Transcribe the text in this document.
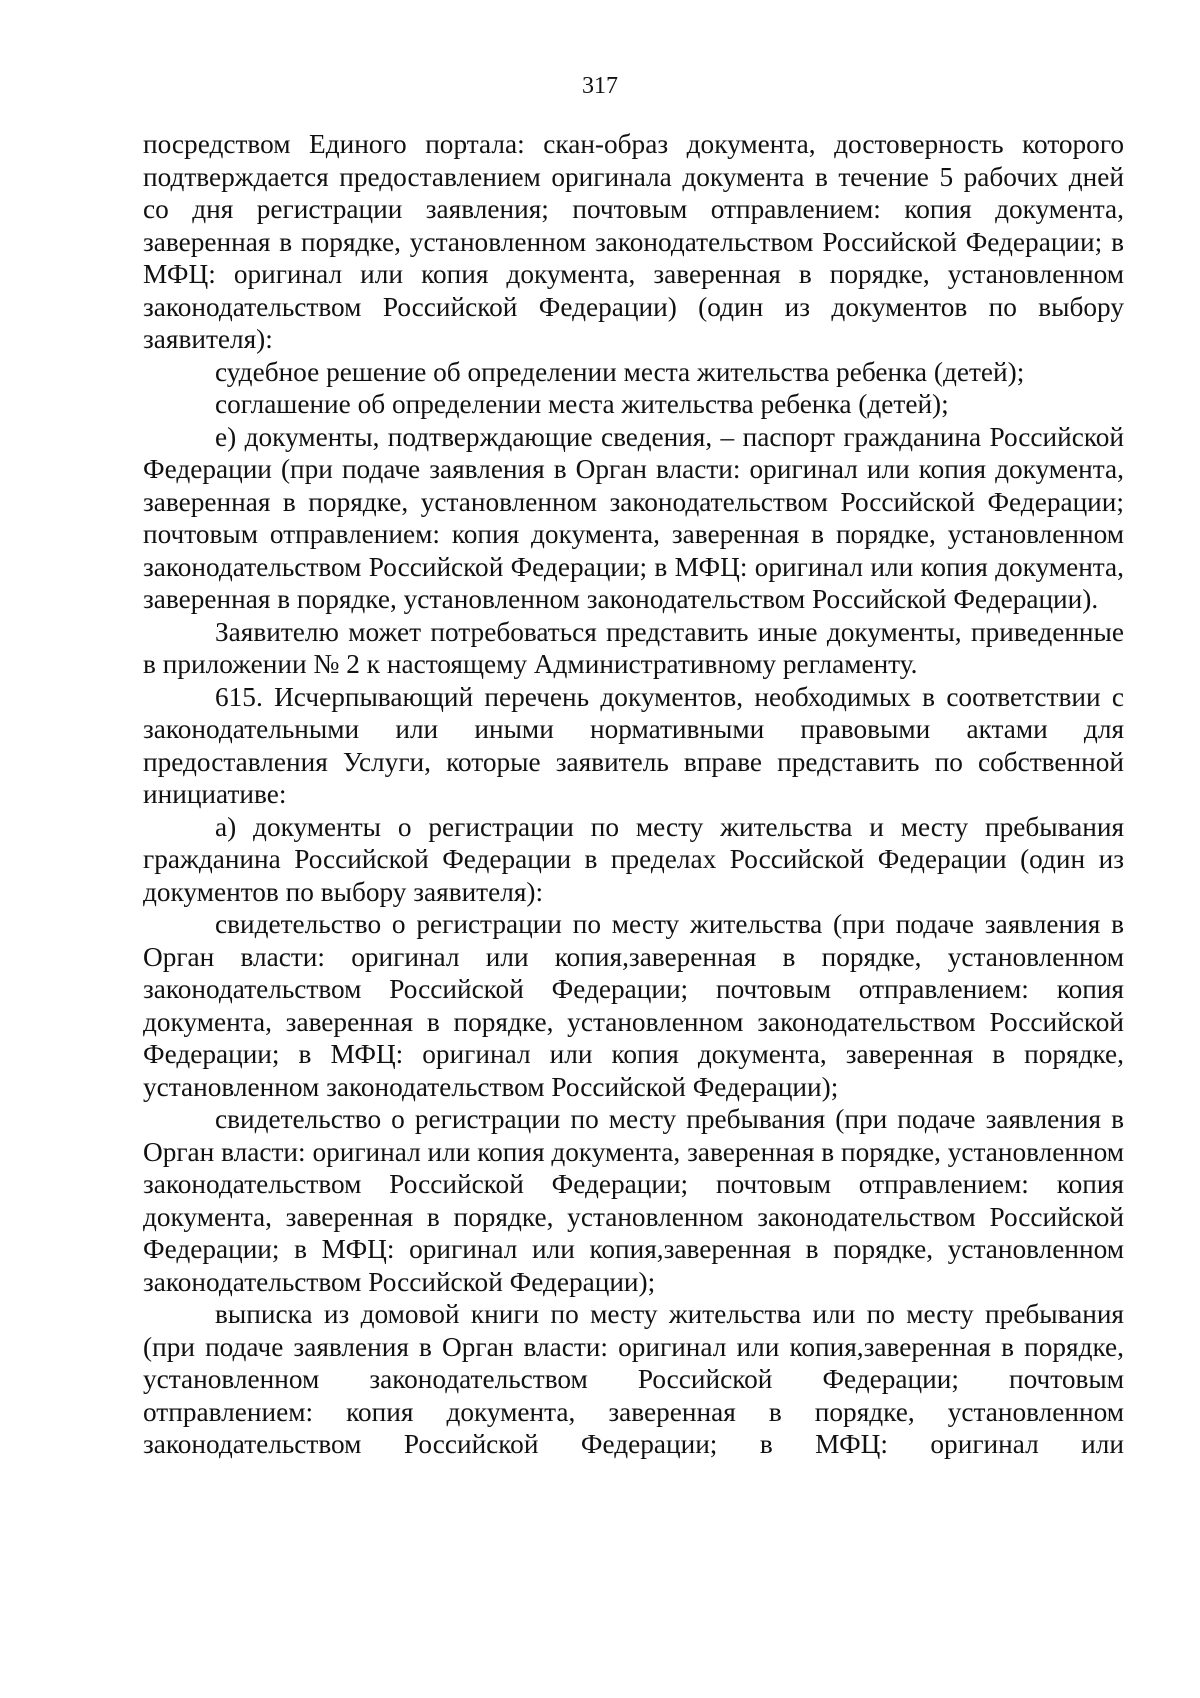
317

посредством Единого портала: скан-образ документа, достоверность которого подтверждается предоставлением оригинала документа в течение 5 рабочих дней со дня регистрации заявления; почтовым отправлением: копия документа, заверенная в порядке, установленном законодательством Российской Федерации; в МФЦ: оригинал или копия документа, заверенная в порядке, установленном законодательством Российской Федерации) (один из документов по выбору заявителя):

судебное решение об определении места жительства ребенка (детей);

соглашение об определении места жительства ребенка (детей);

е) документы, подтверждающие сведения, – паспорт гражданина Российской Федерации (при подаче заявления в Орган власти: оригинал или копия документа, заверенная в порядке, установленном законодательством Российской Федерации; почтовым отправлением: копия документа, заверенная в порядке, установленном законодательством Российской Федерации; в МФЦ: оригинал или копия документа, заверенная в порядке, установленном законодательством Российской Федерации).

Заявителю может потребоваться представить иные документы, приведенные в приложении № 2 к настоящему Административному регламенту.

615. Исчерпывающий перечень документов, необходимых в соответствии с законодательными или иными нормативными правовыми актами для предоставления Услуги, которые заявитель вправе представить по собственной инициативе:

а) документы о регистрации по месту жительства и месту пребывания гражданина Российской Федерации в пределах Российской Федерации (один из документов по выбору заявителя):

свидетельство о регистрации по месту жительства (при подаче заявления в Орган власти: оригинал или копия,заверенная в порядке, установленном законодательством Российской Федерации; почтовым отправлением: копия документа, заверенная в порядке, установленном законодательством Российской Федерации; в МФЦ: оригинал или копия документа, заверенная в порядке, установленном законодательством Российской Федерации);

свидетельство о регистрации по месту пребывания (при подаче заявления в Орган власти: оригинал или копия документа, заверенная в порядке, установленном законодательством Российской Федерации; почтовым отправлением: копия документа, заверенная в порядке, установленном законодательством Российской Федерации; в МФЦ: оригинал или копия,заверенная в порядке, установленном законодательством Российской Федерации);

выписка из домовой книги по месту жительства или по месту пребывания (при подаче заявления в Орган власти: оригинал или копия,заверенная в порядке, установленном законодательством Российской Федерации; почтовым отправлением: копия документа, заверенная в порядке, установленном законодательством Российской Федерации; в МФЦ: оригинал или
